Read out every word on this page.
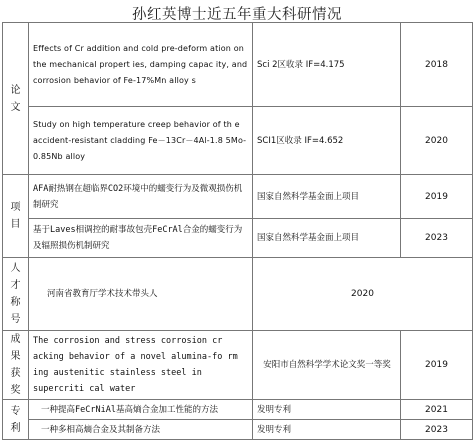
孙红英博士近五年重大科研情况
论
文	Effects of Cr addition and cold pre-deform ation on the mechanical propert ies, damping capac ity, and corrosion behavior of Fe-17%Mn alloy s	Sci 2区收录 IF=4.175	2018

	Study on high temperature creep behavior of th e accident-resistant cladding Fe－13Cr－4Al-1.8 5Mo-0.85Nb alloy	SCI1区收录 IF=4.652	2020

项
目	AFA耐热钢在超临界CO2环境中的蠕变行为及微观损伤机制研究	国家自然科学基金面上项目	2019

	基于Laves相调控的耐事故包壳FeCrAl合金的蠕变行为及辐照损伤机制研究	国家自然科学基金面上项目	2023

人
才
称
号	河南省教育厅学术技术带头人	2020	

成
果
获
奖	The corrosion and stress corrosion cr acking behavior of a novel alumina-fo rm ing austenitic stainless steel in supercriti cal water	安阳市自然科学学术论文奖一等奖	2019

专
利	一种提高FeCrNiAl基高熵合金加工性能的方法	发明专利	2021
	一种多相高熵合金及其制备方法	发明专利	2023
